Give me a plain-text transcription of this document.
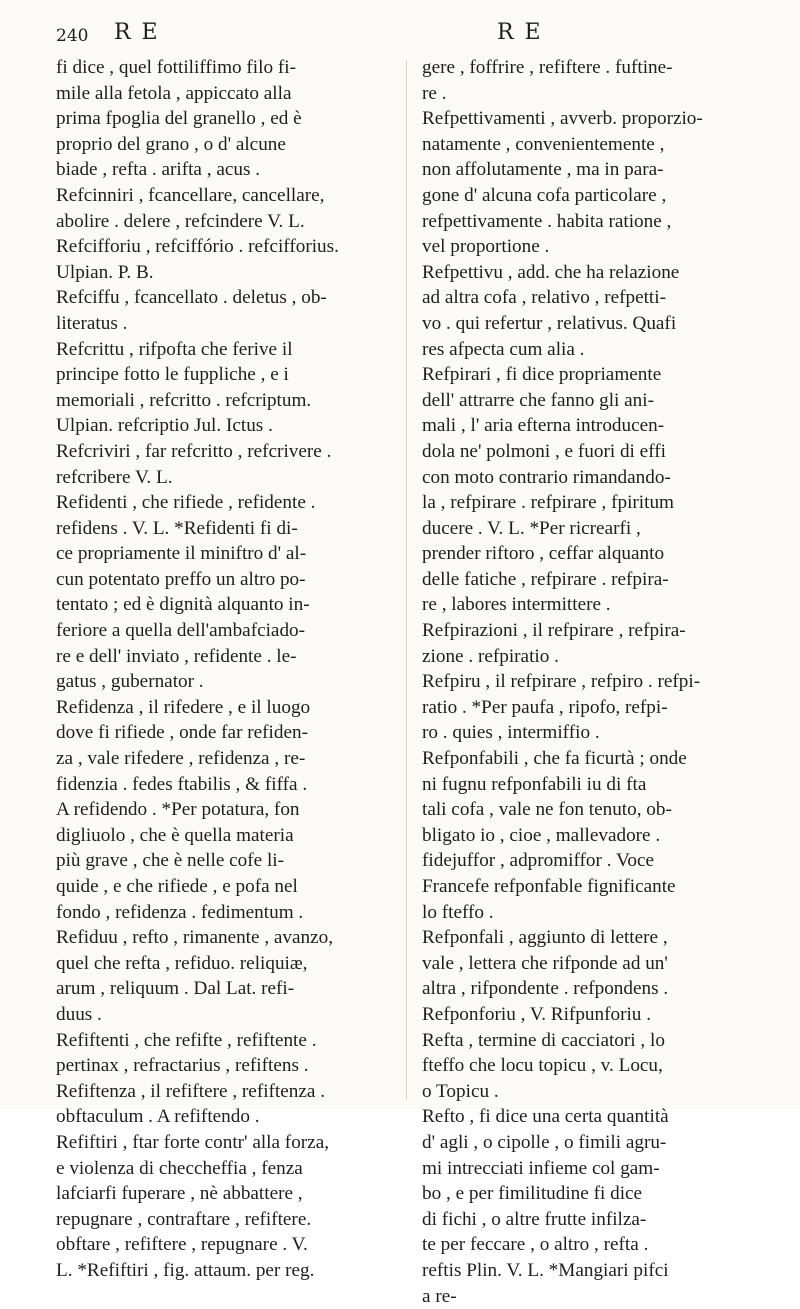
240 R E	R E
fi dice , quel fottiliffimo filo fi-
mile alla fetola , appiccato alla
prima fpoglia del granello , ed è
proprio del grano , o d' alcune
biade , refta . arifta , acus .
Refcinniri , fcancellare, cancellare,
abolire . delere , refcindere V. L.
Refcifforiu , refciffório . refcifforius.
Ulpian. P. B.
Refciffu , fcancellato . deletus , ob-
literatus .
Refcrittu , rifpofta che ferive il
principe fotto le fuppliche , e i
memoriali , refcritto . refcriptum.
Ulpian. refcriptio Jul. Ictus .
Refcriviri , far refcritto , refcrivere .
refcribere V. L.
Refidenti , che rifiede , refidente .
refidens . V. L. *Refidenti fi di-
ce propriamente il miniftro d' al-
cun potentato preffo un altro po-
tentato ; ed è dignità alquanto in-
feriore a quella dell'ambafciado-
re e dell' inviato , refidente . le-
gatus , gubernator .
Refidenza , il rifedere , e il luogo
dove fi rifiede , onde far refiden-
za , vale rifedere , refidenza , re-
fidenzia . fedes ftabilis , & fiffa .
A refidendo . *Per potatura, fon
digliuolo , che è quella materia
più grave , che è nelle cofe li-
quide , e che rifiede , e pofa nel
fondo , refidenza . fedimentum .
Refiduu , refto , rimanente , avanzo,
quel che refta , refiduo. reliquiæ,
arum , reliquum . Dal Lat. refi-
duus .
Refiftenti , che refifte , refiftente .
pertinax , refractarius , refiftens .
Refiftenza , il refiftere , refiftenza .
obftaculum . A refiftendo .
Refiftiri , ftar forte contr' alla forza,
e violenza di checcheffia , fenza
lafciarfi fuperare , nè abbattere ,
repugnare , contraftare , refiftere.
obftare , refiftere , repugnare . V.
L. *Refiftiri , fig. attaum. per reg.
gere , foffrire , refiftere . fuftine-
re .
Refpettivamenti , avverb. proporzio-
natamente , convenientemente ,
non affolutamente , ma in para-
gone d' alcuna cofa particolare ,
refpettivamente . habita ratione ,
vel proportione .
Refpettivu , add. che ha relazione
ad altra cofa , relativo , refpetti-
vo . qui refertur , relativus. Quafi
res afpecta cum alia .
Refpirari , fi dice propriamente
dell' attrarre che fanno gli ani-
mali , l' aria efterna introducen-
dola ne' polmoni , e fuori di effi
con moto contrario rimandando-
la , refpirare . refpirare , fpiritum
ducere . V. L. *Per ricrearfi ,
prender riftoro , ceffar alquanto
delle fatiche , refpirare . refpira-
re , labores intermittere .
Refpirazioni , il refpirare , refpira-
zione . refpiratio .
Refpiru , il refpirare , refpiro . refpi-
ratio . *Per paufa , ripofo, refpi-
ro . quies , intermiffio .
Refponfabili , che fa ficurtà ; onde
ni fugnu refponfabili iu di fta
tali cofa , vale ne fon tenuto, ob-
bligato io , cioe , mallevadore .
fidejuffor , adpromiffor . Voce
Francefe refponfable fignificante
lo fteffo .
Refponfali , aggiunto di lettere ,
vale , lettera che rifponde ad un'
altra , rifpondente . refpondens .
Refponforiu , V. Rifpunforiu .
Refta , termine di cacciatori , lo
fteffo che locu topicu , v. Locu,
o Topicu .
Refto , fi dice una certa quantità
d' agli , o cipolle , o fimili agru-
mi intrecciati infieme col gam-
bo , e per fimilitudine fi dice
di fichi , o altre frutte infilza-
te per feccare , o altro , refta .
reftis Plin. V. L. *Mangiari pifci
a re-
